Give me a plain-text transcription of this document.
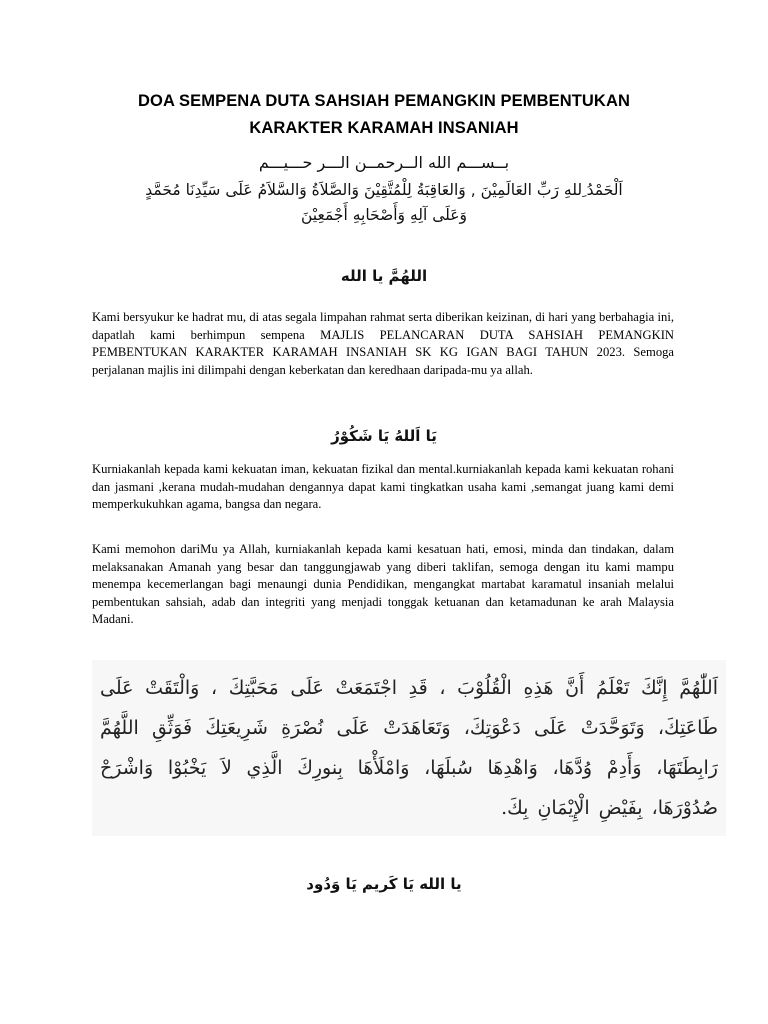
DOA SEMPENA DUTA SAHSIAH PEMANGKIN PEMBENTUKAN
KARAKTER KARAMAH INSANIAH
بــســـم الله الــرحمــن الـــر حـــيـــم
اَلْحَمْدُ ِللهِ رَبِّ العَالَمِيْنَ , وَالعَاقِبَةُ لِلْمُتَّقِيْنَ وَالصَّلاَةُ وَالسَّلاَمُ عَلَى سَيِّدِنَا مُحَمَّدٍ
وَعَلَى آلِهِ وَأَصْحَابِهِ أَجْمَعِيْنَ
اللهُمَّ يا الله

Kami bersyukur ke hadrat mu, di atas segala limpahan rahmat serta diberikan keizinan, di hari yang berbahagia ini, dapatlah kami berhimpun sempena MAJLIS PELANCARAN DUTA SAHSIAH PEMANGKIN PEMBENTUKAN KARAKTER KARAMAH INSANIAH SK KG IGAN BAGI TAHUN 2023. Semoga perjalanan majlis ini dilimpahi dengan keberkatan dan keredhaan daripada-mu ya allah.

يَا اَللهُ يَا شَكُوْرُ

Kurniakanlah kepada kami kekuatan iman, kekuatan fizikal dan mental.kurniakanlah kepada kami kekuatan rohani dan jasmani ,kerana mudah-mudahan dengannya dapat kami tingkatkan usaha kami ,semangat juang kami demi memperkukuhkan agama, bangsa dan negara.

Kami memohon dariMu ya Allah, kurniakanlah kepada kami kesatuan hati, emosi, minda dan tindakan, dalam melaksanakan Amanah yang besar dan tanggungjawab yang diberi taklifan, semoga dengan itu kami mampu menempa kecemerlangan bagi menaungi dunia Pendidikan, mengangkat martabat karamatul insaniah melalui pembentukan sahsiah, adab dan integriti yang menjadi tonggak ketuanan dan ketamadunan ke arah Malaysia Madani.

اَللّٰهُمَّ إِنَّكَ تَعْلَمُ أَنَّ هَذِهِ الْقُلُوْبَ ، قَدِ اجْتَمَعَتْ عَلَى مَحَبَّتِكَ ، وَالْتَقَتْ عَلَى طَاعَتِكَ، وَتَوَحَّدَتْ عَلَى دَعْوَتِكَ، وَتَعَاهَدَتْ عَلَى نُصْرَةِ شَرِيعَتِكَ فَوَثِّقِ اللَّهُمَّ رَابِطَتَهَا، وَأَدِمْ وُدَّهَا، وَاهْدِهَا سُبلَهَا، وَامْلَأْهَا بِنورِكَ الَّذِي لاَ يَخْبُوْا وَاشْرَحْ صُدُوْرَهَا، بِفَيْضِ الْإِيْمَانِ بِكَ.
يا الله يَا كَريم يَا وَدُود
